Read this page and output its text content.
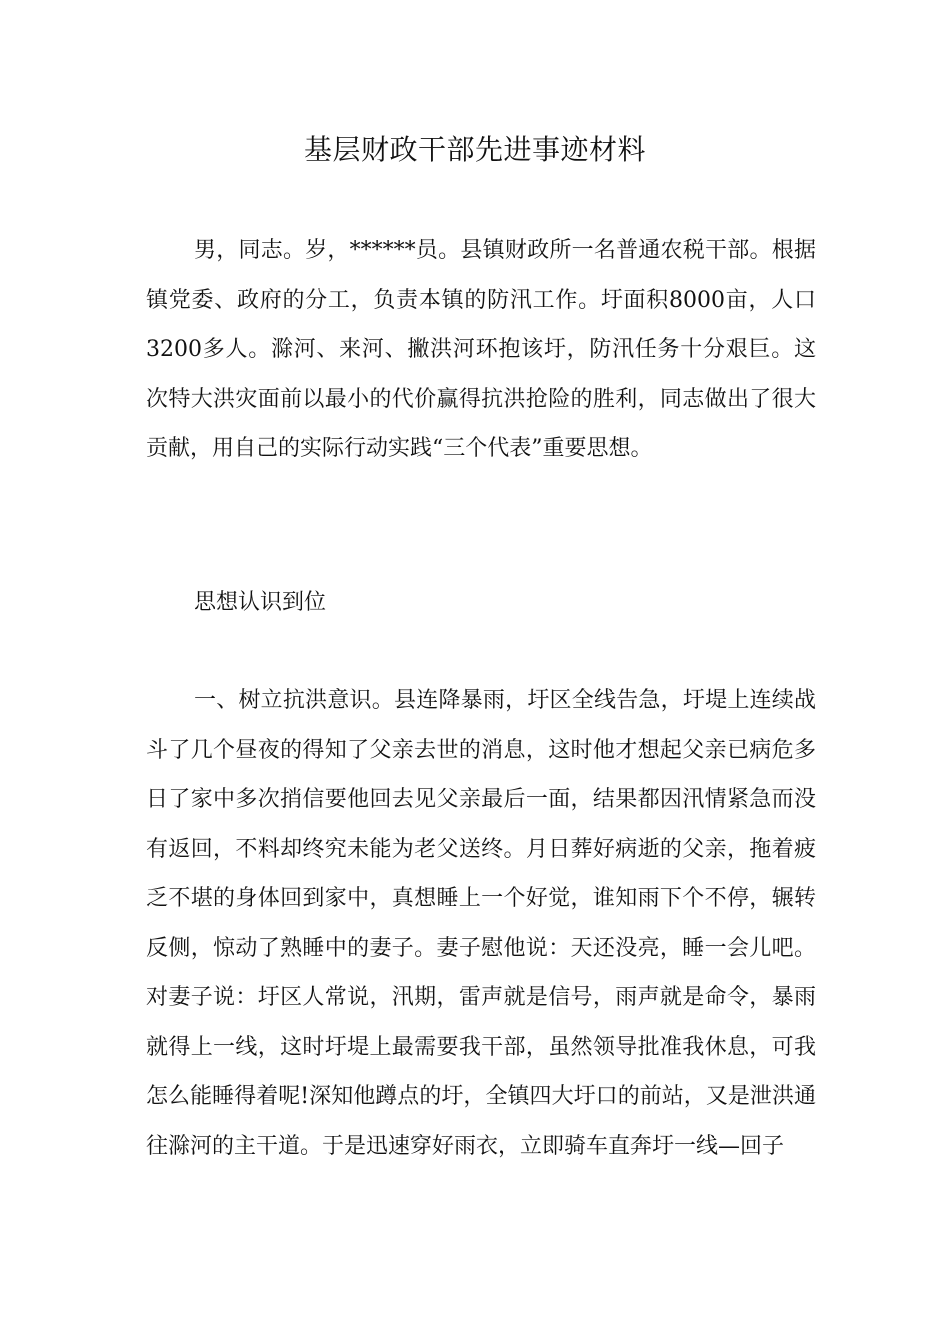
基层财政干部先进事迹材料

男，同志。岁，******员。县镇财政所一名普通农税干部。根据镇党委、政府的分工，负责本镇的防汛工作。圩面积8000亩，人口3200多人。滁河、来河、撇洪河环抱该圩，防汛任务十分艰巨。这次特大洪灾面前以最小的代价赢得抗洪抢险的胜利，同志做出了很大贡献，用自己的实际行动实践“三个代表”重要思想。

思想认识到位

一、树立抗洪意识。县连降暴雨，圩区全线告急，圩堤上连续战斗了几个昼夜的得知了父亲去世的消息，这时他才想起父亲已病危多日了家中多次捎信要他回去见父亲最后一面，结果都因汛情紧急而没有返回，不料却终究未能为老父送终。月日葬好病逝的父亲，拖着疲乏不堪的身体回到家中，真想睡上一个好觉，谁知雨下个不停，辗转反侧，惊动了熟睡中的妻子。妻子慰他说：天还没亮，睡一会儿吧。对妻子说：圩区人常说，汛期，雷声就是信号，雨声就是命令，暴雨就得上一线，这时圩堤上最需要我干部，虽然领导批准我休息，可我怎么能睡得着呢!深知他蹲点的圩，全镇四大圩口的前站，又是泄洪通往滁河的主干道。于是迅速穿好雨衣，立即骑车直奔圩一线—回子
